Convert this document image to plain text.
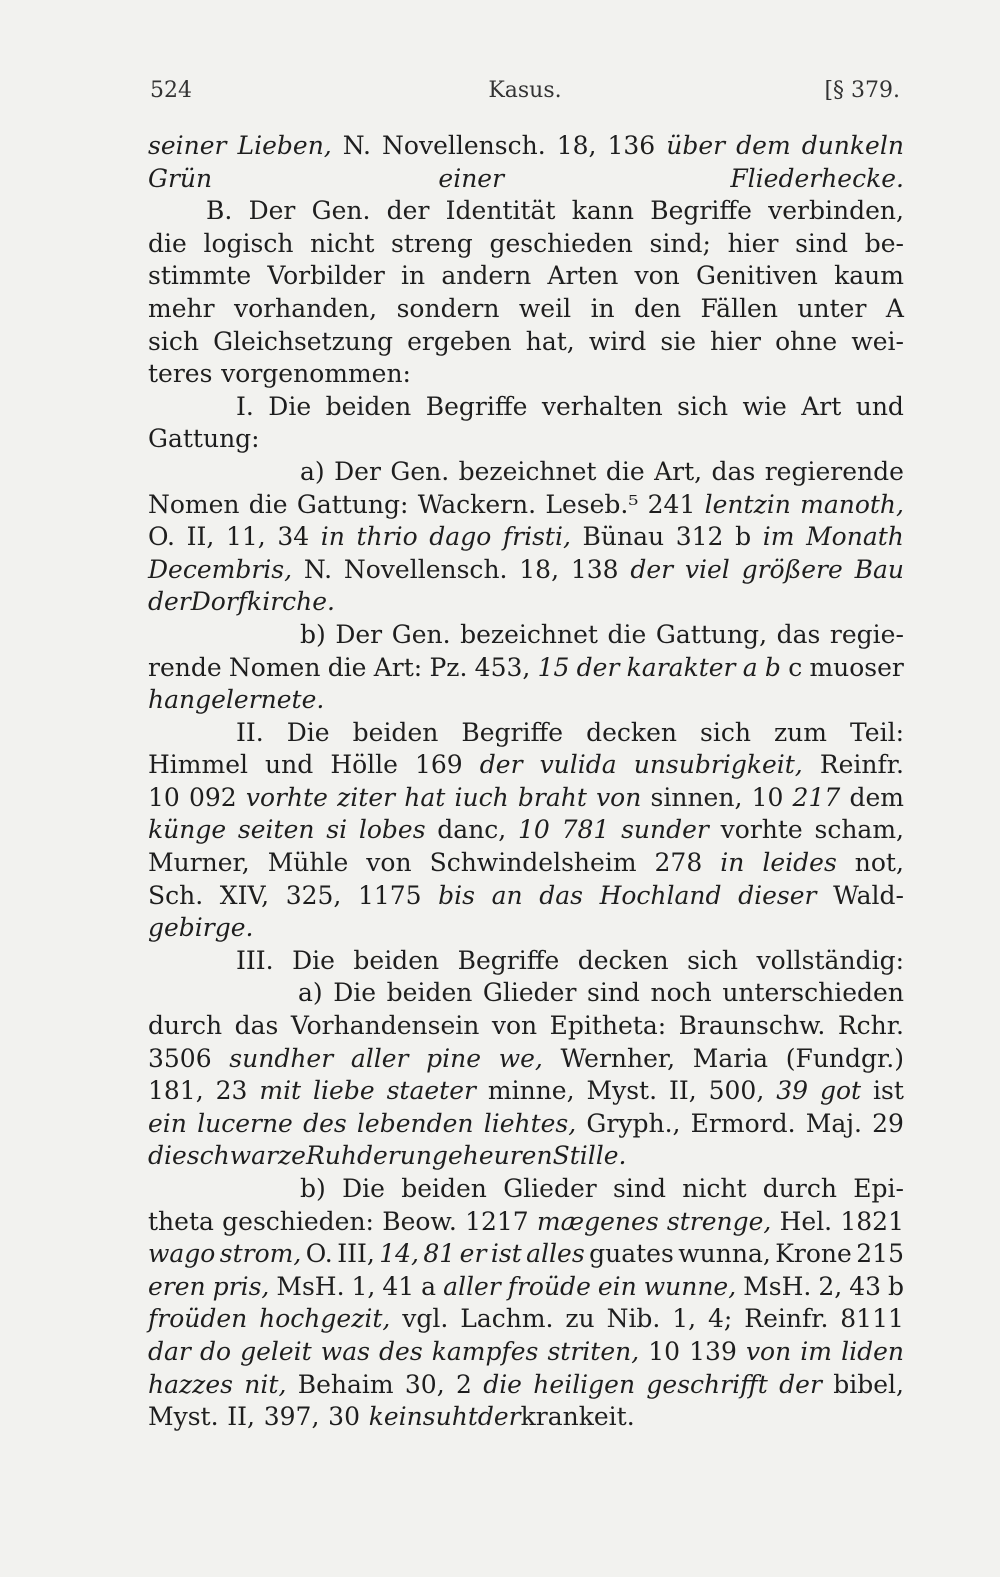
524	Kasus.	[§ 379.
seiner Lieben, N. Novellensch. 18, 136 über dem dunkeln
Grün	einer	Fliederhecke.
B. Der Gen. der Identität kann Begriffe verbinden,
die logisch nicht streng geschieden sind; hier sind be-
stimmte Vorbilder in andern Arten von Genitiven kaum
mehr vorhanden, sondern weil in den Fällen unter A
sich Gleichsetzung ergeben hat, wird sie hier ohne wei-
teres vorgenommen:
I. Die beiden Begriffe verhalten sich wie Art und
Gattung:
a) Der Gen. bezeichnet die Art, das regierende
Nomen die Gattung: Wackern. Leseb.⁵ 241 lentzin manoth,
O. II, 11, 34 in thrio dago fristi, Bünau 312 b im Monath
Decembris, N. Novellensch. 18, 138 der viel größere Bau
der Dorfkirche.
b) Der Gen. bezeichnet die Gattung, das regie-
rende Nomen die Art: Pz. 453, 15 der karakter a b c muoser
han gelernet e.
II. Die beiden Begriffe decken sich zum Teil:
Himmel und Hölle 169 der vulida unsubrigkeit, Reinfr.
10 092 vorhte ziter hat iuch braht von sinnen, 10 217 dem
künge seiten si lobes danc, 10 781 sunder vorhte scham,
Murner, Mühle von Schwindelsheim 278 in leides not,
Sch. XIV, 325, 1175 bis an das Hochland dieser Wald-
gebirge.
III. Die beiden Begriffe decken sich vollständig:
a) Die beiden Glieder sind noch unterschieden
durch das Vorhandensein von Epitheta: Braunschw. Rchr.
3506 sundher aller pine we, Wernher, Maria (Fundgr.)
181, 23 mit liebe staeter minne, Myst. II, 500, 39 got ist
ein lucerne des lebenden liehtes, Gryph., Ermord. Maj. 29
die schwarze Ruh der ungeheuren Stille.
b) Die beiden Glieder sind nicht durch Epi-
theta geschieden: Beow. 1217 mægenes strenge, Hel. 1821
wago strom, O. III, 14, 81 er ist alles guates wunna, Krone 215
eren pris, MsH. 1, 41 a aller froüde ein wunne, MsH. 2, 43 b
froüden hochgezit, vgl. Lachm. zu Nib. 1, 4; Reinfr. 8111
dar do geleit was des kampfes striten, 10 139 von im liden
hazzes nit, Behaim 30, 2 die heiligen geschrifft der bibel,
Myst. II, 397, 30 kein suht der krankeit.
